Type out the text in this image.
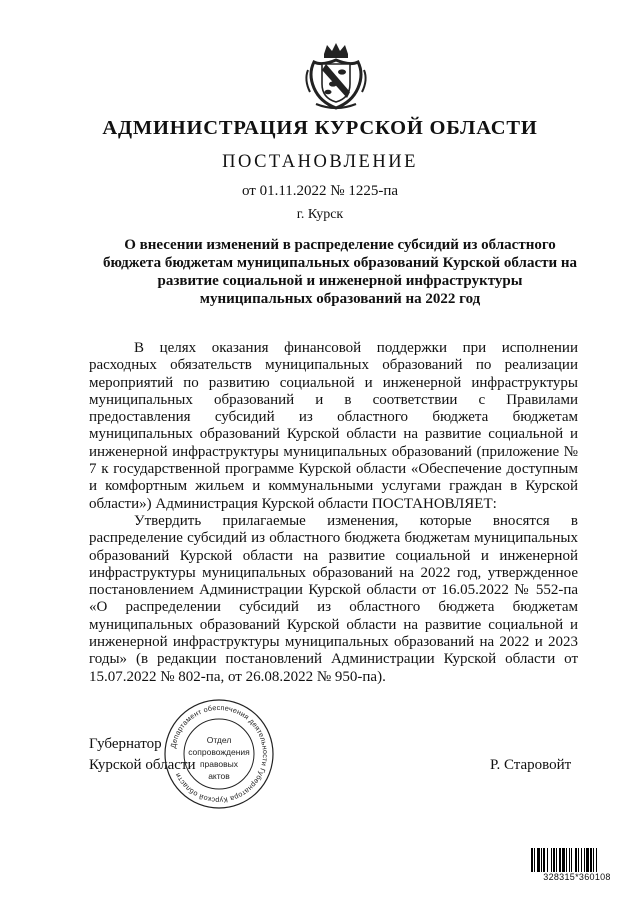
АДМИНИСТРАЦИЯ КУРСКОЙ ОБЛАСТИ
ПОСТАНОВЛЕНИЕ
от 01.11.2022 № 1225-па
г. Курск
О внесении изменений в распределение субсидий из областного бюджета бюджетам муниципальных образований Курской области на развитие социальной и инженерной инфраструктуры муниципальных образований на 2022 год

В целях оказания финансовой поддержки при исполнении расходных обязательств муниципальных образований по реализации мероприятий по развитию социальной и инженерной инфраструктуры муниципальных образований и в соответствии с Правилами предоставления субсидий из областного бюджета бюджетам муниципальных образований Курской области на развитие социальной и инженерной инфраструктуры муниципальных образований (приложение № 7 к государственной программе Курской области «Обеспечение доступным и комфортным жильем и коммунальными услугами граждан в Курской области») Администрация Курской области ПОСТАНОВЛЯЕТ:

Утвердить прилагаемые изменения, которые вносятся в распределение субсидий из областного бюджета бюджетам муниципальных образований Курской области на развитие социальной и инженерной инфраструктуры муниципальных образований на 2022 год, утвержденное постановлением Администрации Курской области от 16.05.2022 № 552-па «О распределении субсидий из областного бюджета бюджетам муниципальных образований Курской области на развитие социальной и инженерной инфраструктуры муниципальных образований на 2022 и 2023 годы» (в редакции постановлений Администрации Курской области от 15.07.2022 № 802-па, от 26.08.2022 № 950-па).

Губернатор
Курской области	Р. Старовойт
Департамент обеспечения деятельности Губернатора Курской области
Отдел
сопровождения
правовых
актов
328315*360108
